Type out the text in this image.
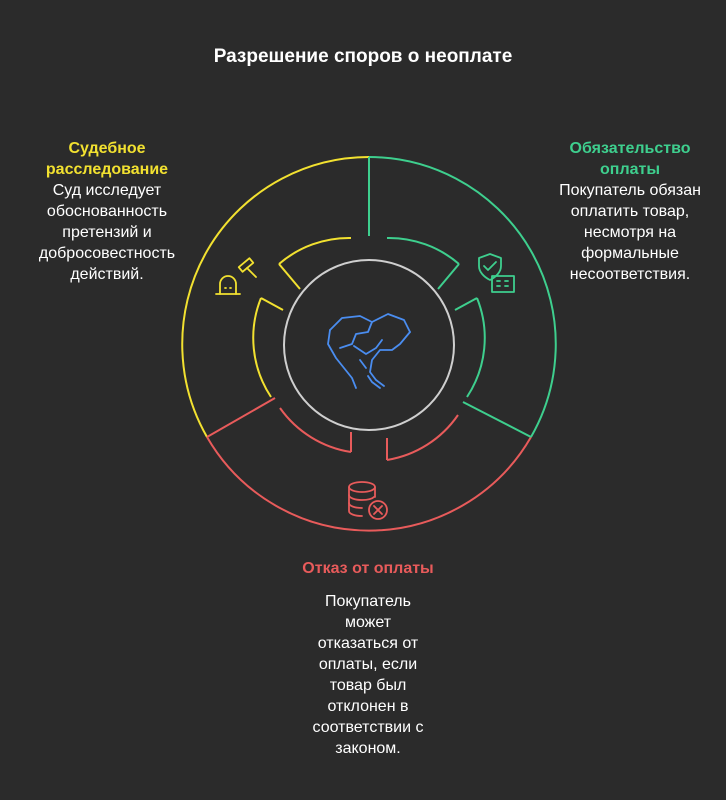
Разрешение споров о неоплате
Судебное расследование
Суд исследует обоснованность претензий и добросовестность действий.
Обязательство оплаты
Покупатель обязан оплатить товар, несмотря на формальные несоответствия.
Отказ от оплаты
Покупатель может отказаться от оплаты, если товар был отклонен в соответствии с законом.
